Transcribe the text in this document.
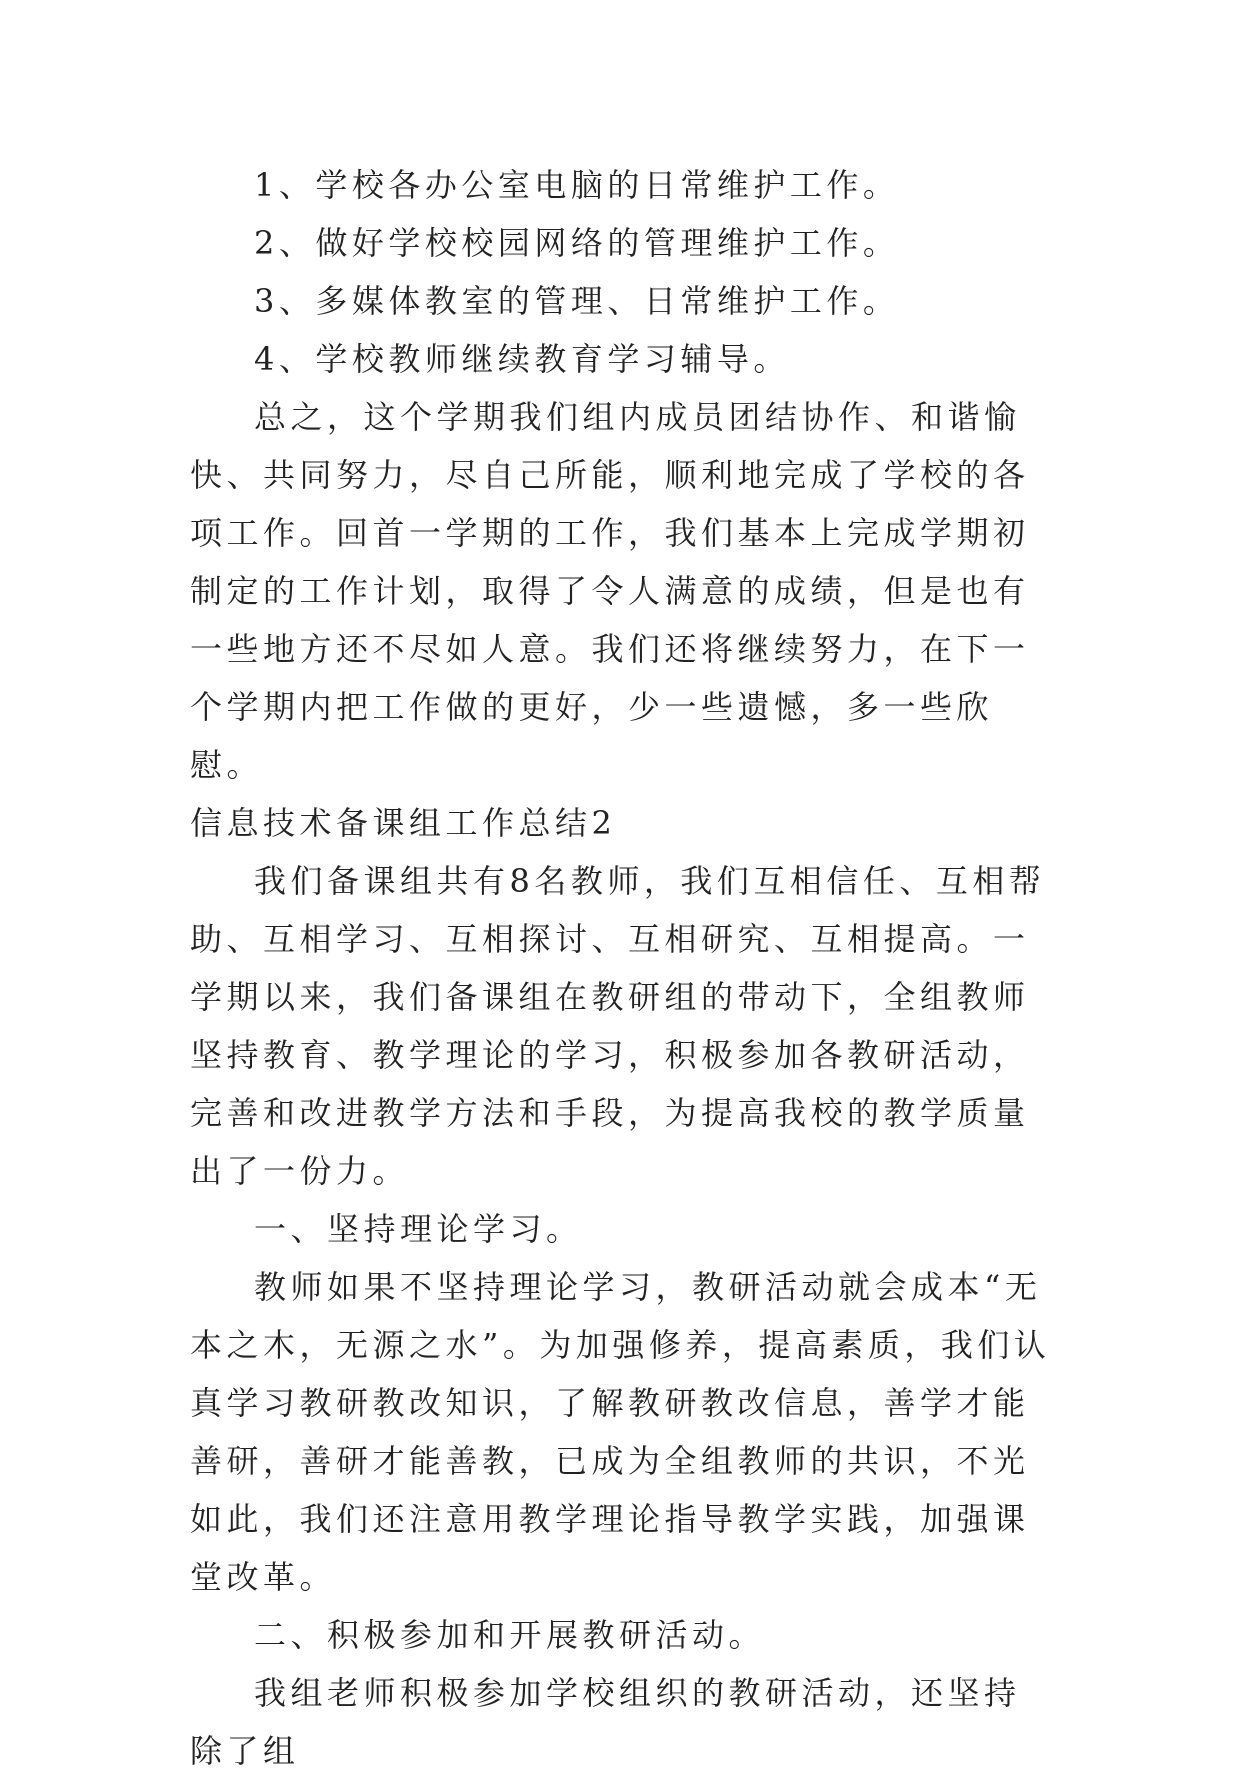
1、学校各办公室电脑的日常维护工作。

2、做好学校校园网络的管理维护工作。

3、多媒体教室的管理、日常维护工作。

4、学校教师继续教育学习辅导。

总之，这个学期我们组内成员团结协作、和谐愉快、共同努力，尽自己所能，顺利地完成了学校的各项工作。回首一学期的工作，我们基本上完成学期初制定的工作计划，取得了令人满意的成绩，但是也有一些地方还不尽如人意。我们还将继续努力，在下一个学期内把工作做的更好，少一些遗憾，多一些欣慰。

信息技术备课组工作总结2

我们备课组共有8名教师，我们互相信任、互相帮助、互相学习、互相探讨、互相研究、互相提高。一学期以来，我们备课组在教研组的带动下，全组教师坚持教育、教学理论的学习，积极参加各教研活动，完善和改进教学方法和手段，为提高我校的教学质量出了一份力。

一、坚持理论学习。

教师如果不坚持理论学习，教研活动就会成本“无本之木，无源之水”。为加强修养，提高素质，我们认真学习教研教改知识，了解教研教改信息，善学才能善研，善研才能善教，已成为全组教师的共识，不光如此，我们还注意用教学理论指导教学实践，加强课堂改革。

二、积极参加和开展教研活动。

我组老师积极参加学校组织的教研活动，还坚持除了组
